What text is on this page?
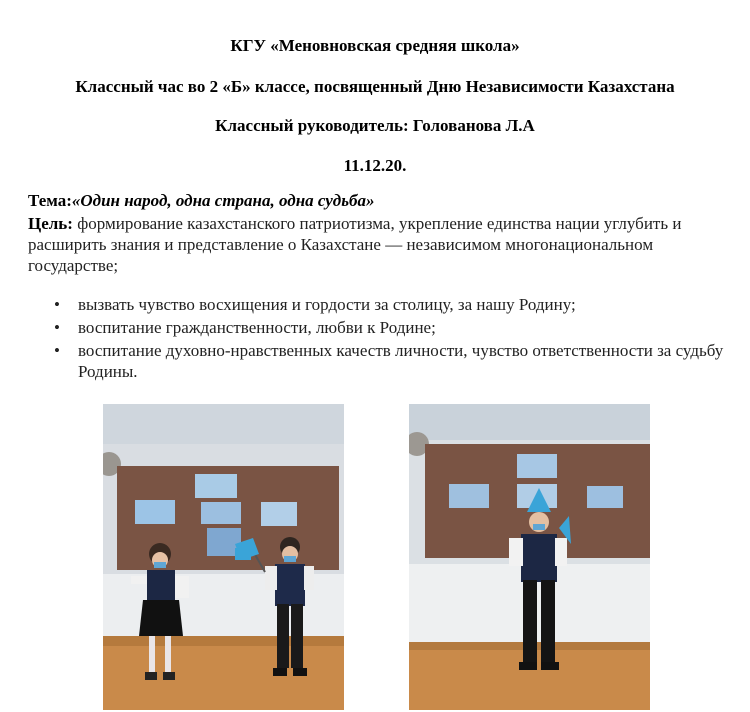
КГУ «Меновновская средняя школа»
Классный час во 2 «Б» классе, посвященный Дню Независимости Казахстана
Классный руководитель: Голованова Л.А
11.12.20.
Тема:«Один народ, одна страна, одна судьба»
Цель: формирование казахстанского патриотизма, укрепление единства нации углубить и расширить знания и представление о Казахстане — независимом многонациональном государстве;
• вызвать чувство восхищения и гордости за столицу, за нашу Родину;
• воспитание гражданственности, любви к Родине;
• воспитание духовно-нравственных качеств личности, чувство ответственности за судьбу Родины.
